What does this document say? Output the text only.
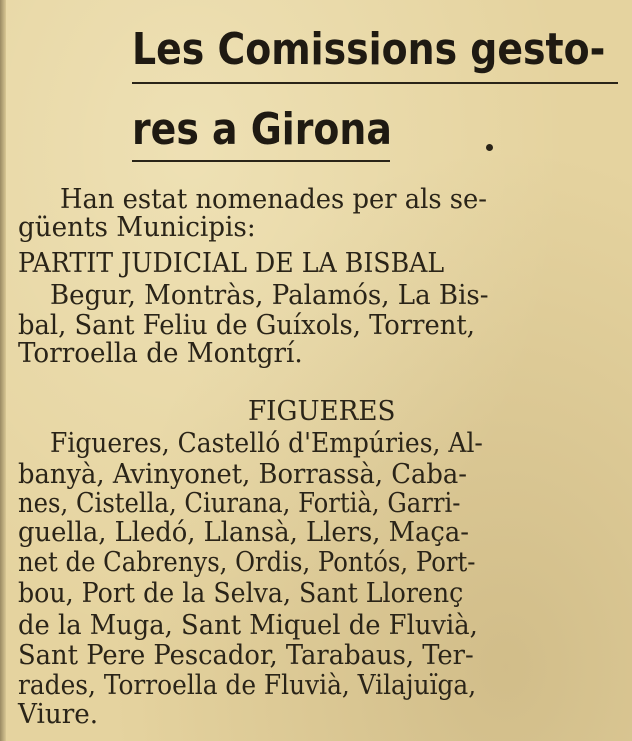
Les Comissions gesto-
res a Girona
Han estat nomenades per als se-
güents Municipis:
PARTIT JUDICIAL DE LA BISBAL
Begur, Montràs, Palamós, La Bis-
bal, Sant Feliu de Guíxols, Torrent,
Torroella de Montgrí.
FIGUERES
Figueres, Castelló d'Empúries, Al-
banyà, Avinyonet, Borrassà, Caba-
nes, Cistella, Ciurana, Fortià, Garri-
guella, Lledó, Llansà, Llers, Maça-
net de Cabrenys, Ordis, Pontós, Port-
bou, Port de la Selva, Sant Llorenç
de la Muga, Sant Miquel de Fluvià,
Sant Pere Pescador, Tarabaus, Ter-
rades, Torroella de Fluvià, Vilajuïga,
Viure.
